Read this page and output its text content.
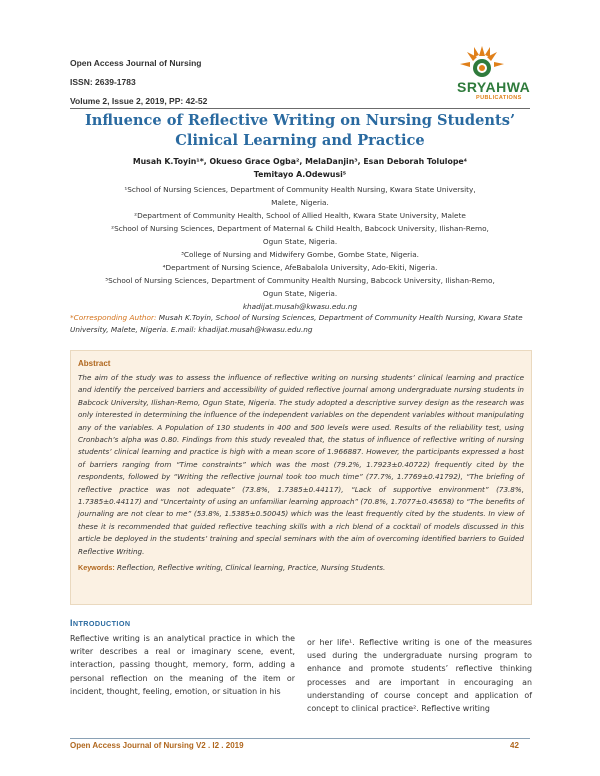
Open Access Journal of Nursing
ISSN: 2639-1783
Volume 2, Issue 2, 2019, PP: 42-52
SRYAHWA
PUBLICATIONS
Influence of Reflective Writing on Nursing Students’ Clinical Learning and Practice
Musah K.Toyin¹*, Okueso Grace Ogba², MelaDanjin³, Esan Deborah Tolulope⁴
Temitayo A.Odewusi⁵
¹School of Nursing Sciences, Department of Community Health Nursing, Kwara State University,
Malete, Nigeria.
²Department of Community Health, School of Allied Health, Kwara State University, Malete
²School of Nursing Sciences, Department of Maternal & Child Health, Babcock University, Ilishan-Remo,
Ogun State, Nigeria.
³College of Nursing and Midwifery Gombe, Gombe State, Nigeria.
⁴Department of Nursing Science, AfeBabalola University, Ado-Ekiti, Nigeria.
⁵School of Nursing Sciences, Department of Community Health Nursing, Babcock University, Ilishan-Remo,
Ogun State, Nigeria.
khadijat.musah@kwasu.edu.ng
*Corresponding Author: Musah K.Toyin, School of Nursing Sciences, Department of Community Health Nursing, Kwara State University, Malete, Nigeria. E.mail: khadijat.musah@kwasu.edu.ng
Abstract
The aim of the study was to assess the influence of reflective writing on nursing students’ clinical learning and practice and identify the perceived barriers and accessibility of guided reflective journal among undergraduate nursing students in Babcock University, Ilishan-Remo, Ogun State, Nigeria. The study adopted a descriptive survey design as the research was only interested in determining the influence of the independent variables on the dependent variables without manipulating any of the variables. A Population of 130 students in 400 and 500 levels were used. Results of the reliability test, using Cronbach’s alpha was 0.80. Findings from this study revealed that, the status of influence of reflective writing of nursing students’ clinical learning and practice is high with a mean score of 1.966887. However, the participants expressed a host of barriers ranging from “Time constraints” which was the most (79.2%, 1.7923±0.40722) frequently cited by the respondents, followed by “Writing the reflective journal took too much time” (77.7%, 1.7769±0.41792), “The briefing of reflective practice was not adequate” (73.8%, 1.7385±0.44117), “Lack of supportive environment” (73.8%, 1.7385±0.44117) and “Uncertainty of using an unfamiliar learning approach” (70.8%, 1.7077±0.45658) to “The benefits of journaling are not clear to me” (53.8%, 1.5385±0.50045) which was the least frequently cited by the students. In view of these it is recommended that guided reflective teaching skills with a rich blend of a cocktail of models discussed in this article be deployed in the students’ training and special seminars with the aim of overcoming identified barriers to Guided Reflective Writing.
Keywords: Reflection, Reflective writing, Clinical learning, Practice, Nursing Students.
INTRODUCTION
Reflective writing is an analytical practice in which the writer describes a real or imaginary scene, event, interaction, passing thought, memory, form, adding a personal reflection on the meaning of the item or incident, thought, feeling, emotion, or situation in his
or her life¹. Reflective writing is one of the measures used during the undergraduate nursing program to enhance and promote students’ reflective thinking processes and are important in encouraging an understanding of course concept and application of concept to clinical practice². Reflective writing
Open Access Journal of Nursing V2 . I2 . 2019	42
